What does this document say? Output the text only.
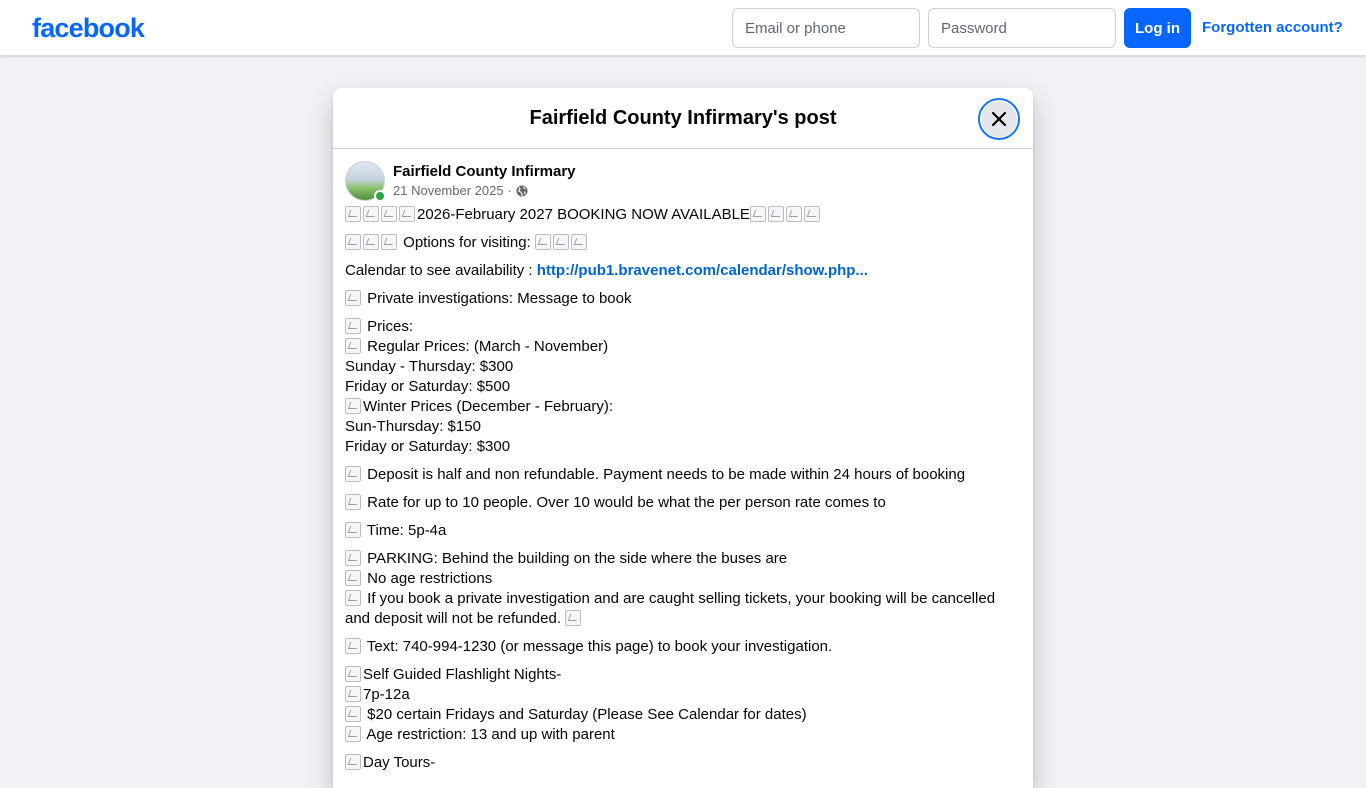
facebook
Email or phone	Log in	Forgotten account?
Fairfield County Infirmary's post
Fairfield County Infirmary
21 November 2025 ·
2026-February 2027 BOOKING NOW AVAILABLE
Options for visiting:
Calendar to see availability : http://pub1.bravenet.com/calendar/show.php...
Private investigations: Message to book
Prices:
Regular Prices: (March - November)
Sunday - Thursday: $300
Friday or Saturday: $500
Winter Prices (December - February):
Sun-Thursday: $150
Friday or Saturday: $300
Deposit is half and non refundable. Payment needs to be made within 24 hours of booking
Rate for up to 10 people. Over 10 would be what the per person rate comes to
Time: 5p-4a
PARKING: Behind the building on the side where the buses are
No age restrictions
If you book a private investigation and are caught selling tickets, your booking will be cancelled and deposit will not be refunded.
Text: 740-994-1230 (or message this page) to book your investigation.
Self Guided Flashlight Nights-
7p-12a
$20 certain Fridays and Saturday (Please See Calendar for dates)
Age restriction: 13 and up with parent
Day Tours-
